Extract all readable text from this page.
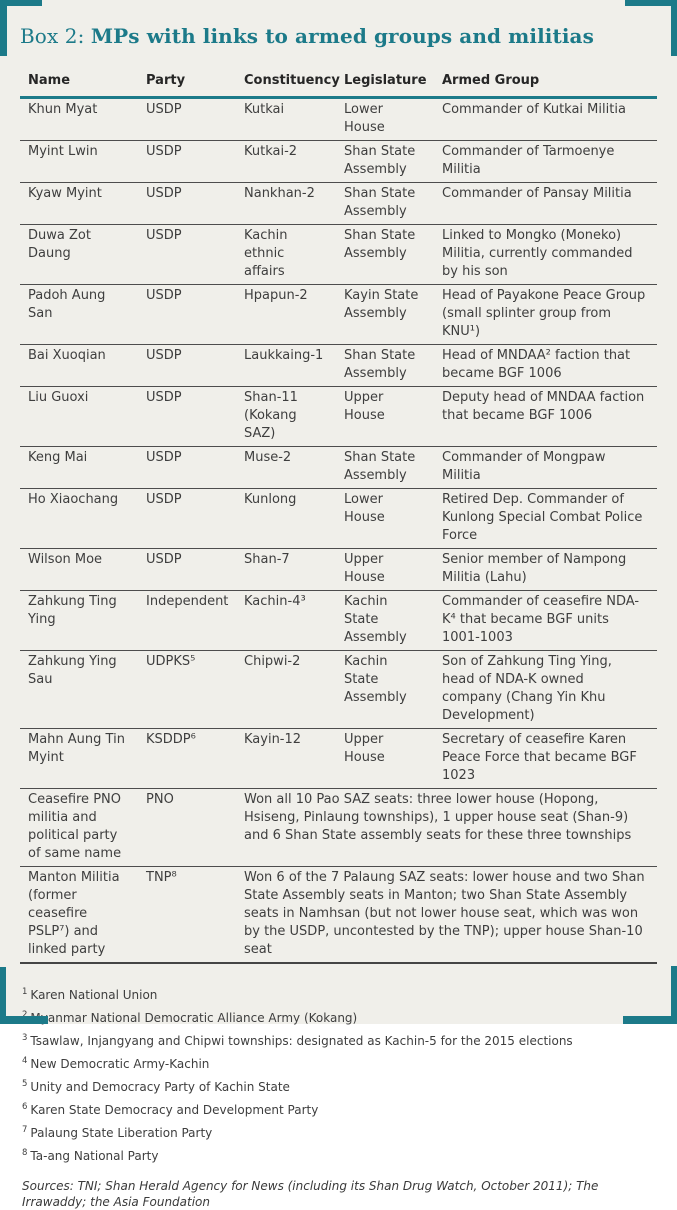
Box 2: MPs with links to armed groups and militias
Name	Party	Constituency	Legislature	Armed Group
Khun Myat	USDP	Kutkai	Lower House	Commander of Kutkai Militia
Myint Lwin	USDP	Kutkai-2	Shan State Assembly	Commander of Tarmoenye Militia
Kyaw Myint	USDP	Nankhan-2	Shan State Assembly	Commander of Pansay Militia
Duwa Zot Daung	USDP	Kachin ethnic affairs	Shan State Assembly	Linked to Mongko (Moneko) Militia, currently commanded by his son
Padoh Aung San	USDP	Hpapun-2	Kayin State Assembly	Head of Payakone Peace Group (small splinter group from KNU¹)
Bai Xuoqian	USDP	Laukkaing-1	Shan State Assembly	Head of MNDAA² faction that became BGF 1006
Liu Guoxi	USDP	Shan-11 (Kokang SAZ)	Upper House	Deputy head of MNDAA faction that became BGF 1006
Keng Mai	USDP	Muse-2	Shan State Assembly	Commander of Mongpaw Militia
Ho Xiaochang	USDP	Kunlong	Lower House	Retired Dep. Commander of Kunlong Special Combat Police Force
Wilson Moe	USDP	Shan-7	Upper House	Senior member of Nampong Militia (Lahu)
Zahkung Ting Ying	Independent	Kachin-4³	Kachin State Assembly	Commander of ceasefire NDA-K⁴ that became BGF units 1001-1003
Zahkung Ying Sau	UDPKS⁵	Chipwi-2	Kachin State Assembly	Son of Zahkung Ting Ying, head of NDA-K owned company (Chang Yin Khu Development)
Mahn Aung Tin Myint	KSDDP⁶	Kayin-12	Upper House	Secretary of ceasefire Karen Peace Force that became BGF 1023
Ceasefire PNO militia and political party of same name	PNO	Won all 10 Pao SAZ seats: three lower house (Hopong, Hsiseng, Pinlaung townships), 1 upper house seat (Shan-9) and 6 Shan State assembly seats for these three townships		
Manton Militia (former ceasefire PSLP⁷) and linked party	TNP⁸	Won 6 of the 7 Palaung SAZ seats: lower house and two Shan State Assembly seats in Manton; two Shan State Assembly seats in Namhsan (but not lower house seat, which was won by the USDP, uncontested by the TNP); upper house Shan-10 seat		
$^1$ Karen National Union
$^2$ Myanmar National Democratic Alliance Army (Kokang)
$^3$ Tsawlaw, Injangyang and Chipwi townships: designated as Kachin-5 for the 2015 elections
$^4$ New Democratic Army-Kachin
$^5$ Unity and Democracy Party of Kachin State
$^6$ Karen State Democracy and Development Party
$^7$ Palaung State Liberation Party
$^8$ Ta-ang National Party
Sources: TNI; Shan Herald Agency for News (including its Shan Drug Watch, October 2011); The Irrawaddy; the Asia Foundation
